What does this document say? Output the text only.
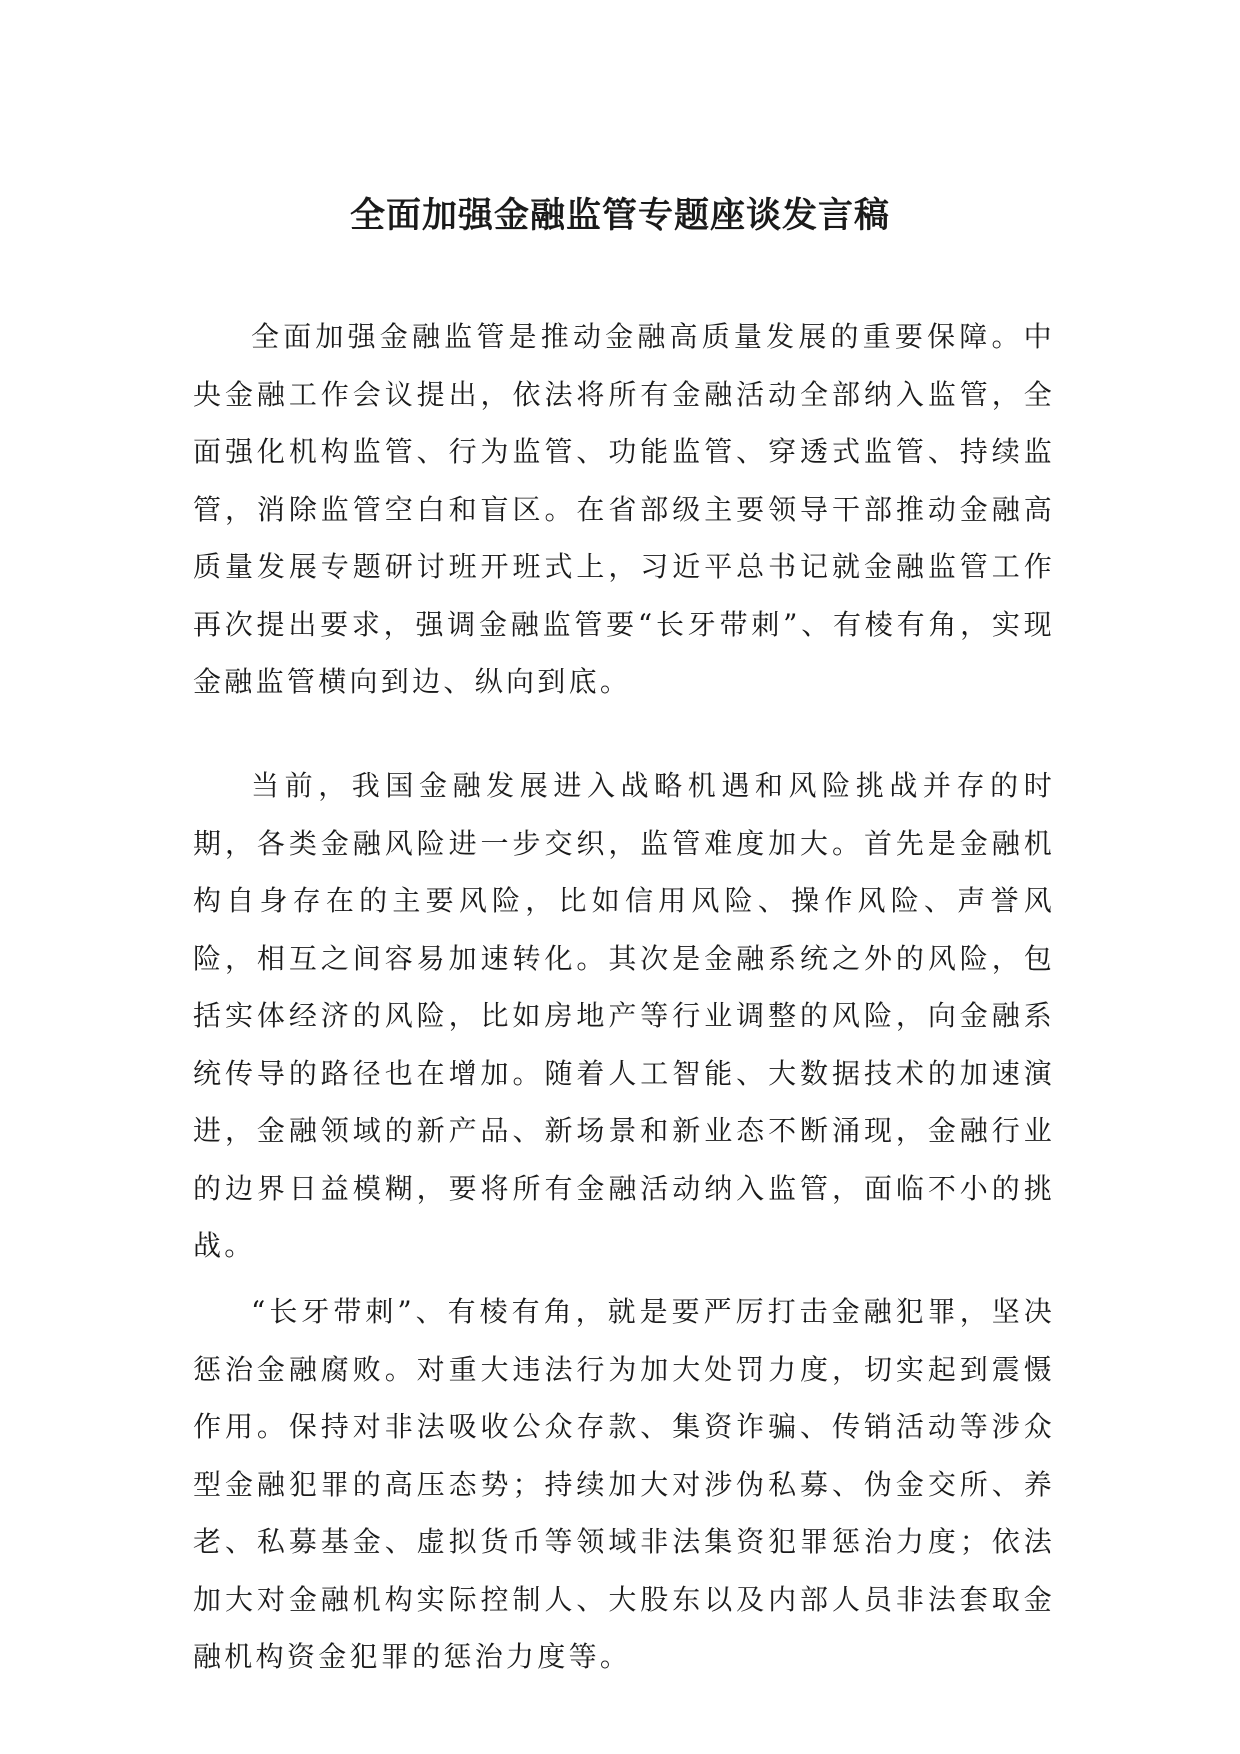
全面加强金融监管专题座谈发言稿

全面加强金融监管是推动金融高质量发展的重要保障。中央金融工作会议提出，依法将所有金融活动全部纳入监管，全面强化机构监管、行为监管、功能监管、穿透式监管、持续监管，消除监管空白和盲区。在省部级主要领导干部推动金融高质量发展专题研讨班开班式上，习近平总书记就金融监管工作再次提出要求，强调金融监管要“长牙带刺”、有棱有角，实现金融监管横向到边、纵向到底。

当前，我国金融发展进入战略机遇和风险挑战并存的时期，各类金融风险进一步交织，监管难度加大。首先是金融机构自身存在的主要风险，比如信用风险、操作风险、声誉风险，相互之间容易加速转化。其次是金融系统之外的风险，包括实体经济的风险，比如房地产等行业调整的风险，向金融系统传导的路径也在增加。随着人工智能、大数据技术的加速演进，金融领域的新产品、新场景和新业态不断涌现，金融行业的边界日益模糊，要将所有金融活动纳入监管，面临不小的挑战。

“长牙带刺”、有棱有角，就是要严厉打击金融犯罪，坚决惩治金融腐败。对重大违法行为加大处罚力度，切实起到震慑作用。保持对非法吸收公众存款、集资诈骗、传销活动等涉众型金融犯罪的高压态势；持续加大对涉伪私募、伪金交所、养老、私募基金、虚拟货币等领域非法集资犯罪惩治力度；依法加大对金融机构实际控制人、大股东以及内部人员非法套取金融机构资金犯罪的惩治力度等。
